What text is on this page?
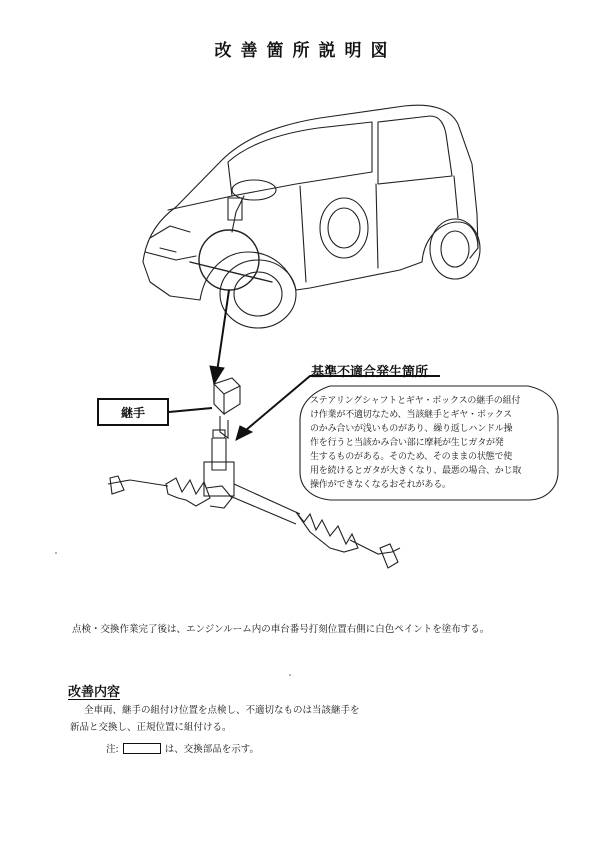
改善箇所説明図
継手
基準不適合発生箇所
ステアリングシャフトとギヤ・ボックスの継手の組付
け作業が不適切なため、当該継手とギヤ・ボックス
のかみ合いが浅いものがあり、繰り返しハンドル操
作を行うと当該かみ合い部に摩耗が生じガタが発
生するものがある。そのため、そのままの状態で使
用を続けるとガタが大きくなり、最悪の場合、かじ取
操作ができなくなるおそれがある。
点検・交換作業完了後は、エンジンルーム内の車台番号打刻位置右側に白色ペイントを塗布する。
改善内容
全車両、継手の組付け位置を点検し、不適切なものは当該継手を
新品と交換し、正規位置に組付ける。
注:	は、交換部品を示す。
